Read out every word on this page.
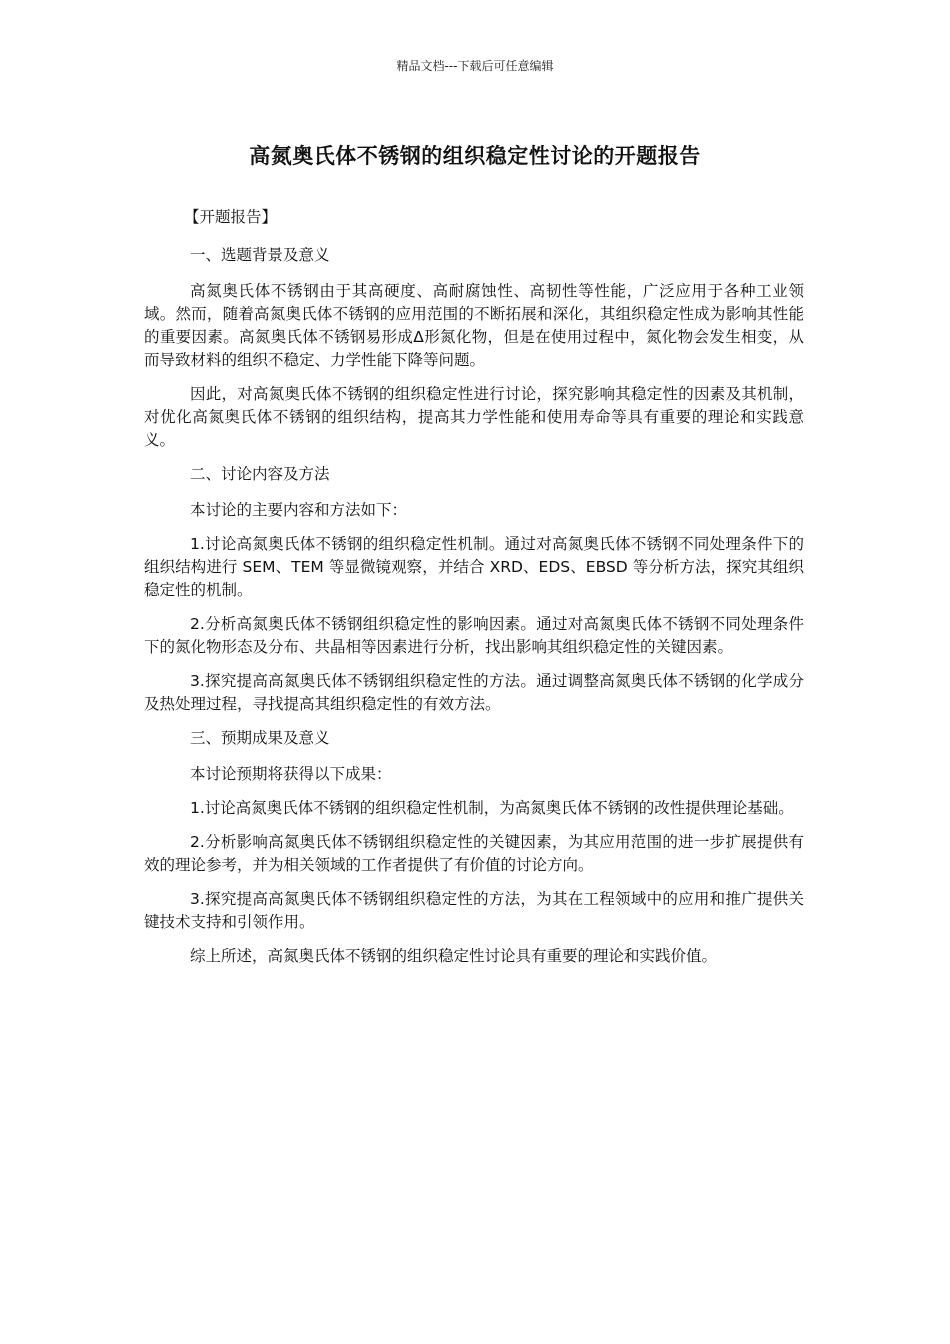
精品文档---下载后可任意编辑
高氮奥氏体不锈钢的组织稳定性讨论的开题报告

【开题报告】

一、选题背景及意义

高氮奥氏体不锈钢由于其高硬度、高耐腐蚀性、高韧性等性能，广泛应用于各种工业领域。然而，随着高氮奥氏体不锈钢的应用范围的不断拓展和深化，其组织稳定性成为影响其性能的重要因素。高氮奥氏体不锈钢易形成Δ形氮化物，但是在使用过程中，氮化物会发生相变，从而导致材料的组织不稳定、力学性能下降等问题。

因此，对高氮奥氏体不锈钢的组织稳定性进行讨论，探究影响其稳定性的因素及其机制，对优化高氮奥氏体不锈钢的组织结构，提高其力学性能和使用寿命等具有重要的理论和实践意义。

二、讨论内容及方法

本讨论的主要内容和方法如下：

1.讨论高氮奥氏体不锈钢的组织稳定性机制。通过对高氮奥氏体不锈钢不同处理条件下的组织结构进行 SEM、TEM 等显微镜观察，并结合 XRD、EDS、EBSD 等分析方法，探究其组织稳定性的机制。

2.分析高氮奥氏体不锈钢组织稳定性的影响因素。通过对高氮奥氏体不锈钢不同处理条件下的氮化物形态及分布、共晶相等因素进行分析，找出影响其组织稳定性的关键因素。

3.探究提高高氮奥氏体不锈钢组织稳定性的方法。通过调整高氮奥氏体不锈钢的化学成分及热处理过程，寻找提高其组织稳定性的有效方法。

三、预期成果及意义

本讨论预期将获得以下成果：

1.讨论高氮奥氏体不锈钢的组织稳定性机制，为高氮奥氏体不锈钢的改性提供理论基础。

2.分析影响高氮奥氏体不锈钢组织稳定性的关键因素，为其应用范围的进一步扩展提供有效的理论参考，并为相关领域的工作者提供了有价值的讨论方向。

3.探究提高高氮奥氏体不锈钢组织稳定性的方法，为其在工程领域中的应用和推广提供关键技术支持和引领作用。

综上所述，高氮奥氏体不锈钢的组织稳定性讨论具有重要的理论和实践价值。
